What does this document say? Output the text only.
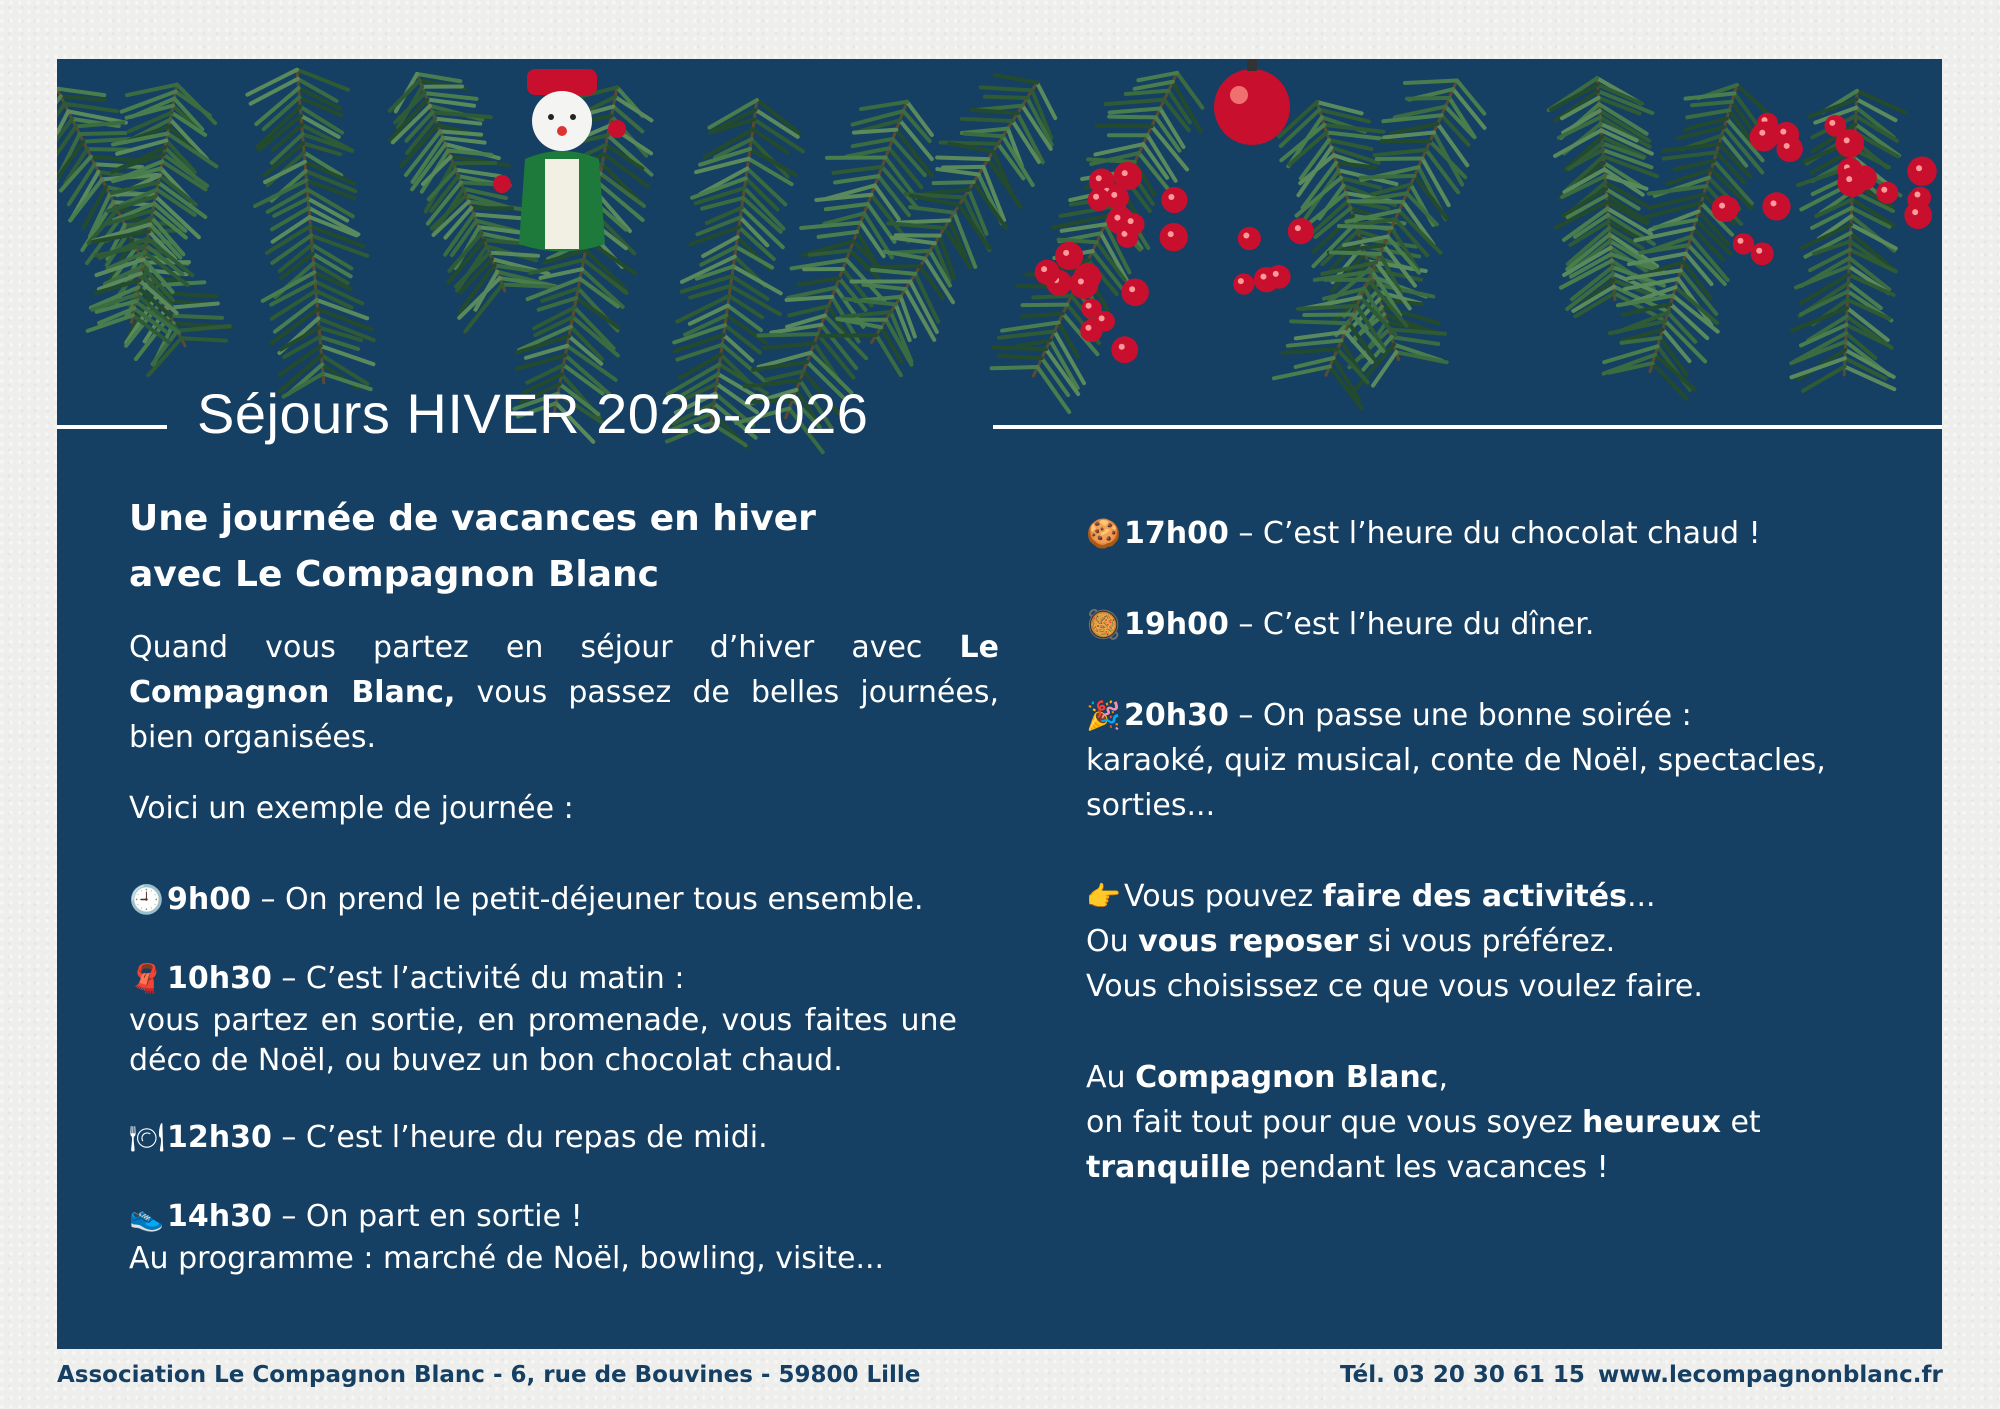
Séjours HIVER 2025-2026
Une journée de vacances en hiver
avec Le Compagnon Blanc

Quand vous partez en séjour d’hiver avec Le Compagnon Blanc, vous passez de belles journées, bien organisées.

Voici un exemple de journée :

🕘 9h00 – On prend le petit-déjeuner tous ensemble.

🧣 10h30 – C’est l’activité du matin :

vous partez en sortie, en promenade, vous faites une déco de Noël, ou buvez un bon chocolat chaud.

🍽12h30 – C’est l’heure du repas de midi.

👟 14h30 – On part en sortie !

Au programme : marché de Noël, bowling, visite...

🍪 17h00 – C’est l’heure du chocolat chaud !

🥘 19h00 – C’est l’heure du dîner.

🎉 20h30 – On passe une bonne soirée :

karaoké, quiz musical, conte de Noël, spectacles, sorties...

👉 Vous pouvez faire des activités...

Ou vous reposer si vous préférez.

Vous choisissez ce que vous voulez faire.

Au Compagnon Blanc,

on fait tout pour que vous soyez heureux et

tranquille pendant les vacances !

Association Le Compagnon Blanc - 6, rue de Bouvines - 59800 Lille	Tél. 03 20 30 61 15 www.lecompagnonblanc.fr
